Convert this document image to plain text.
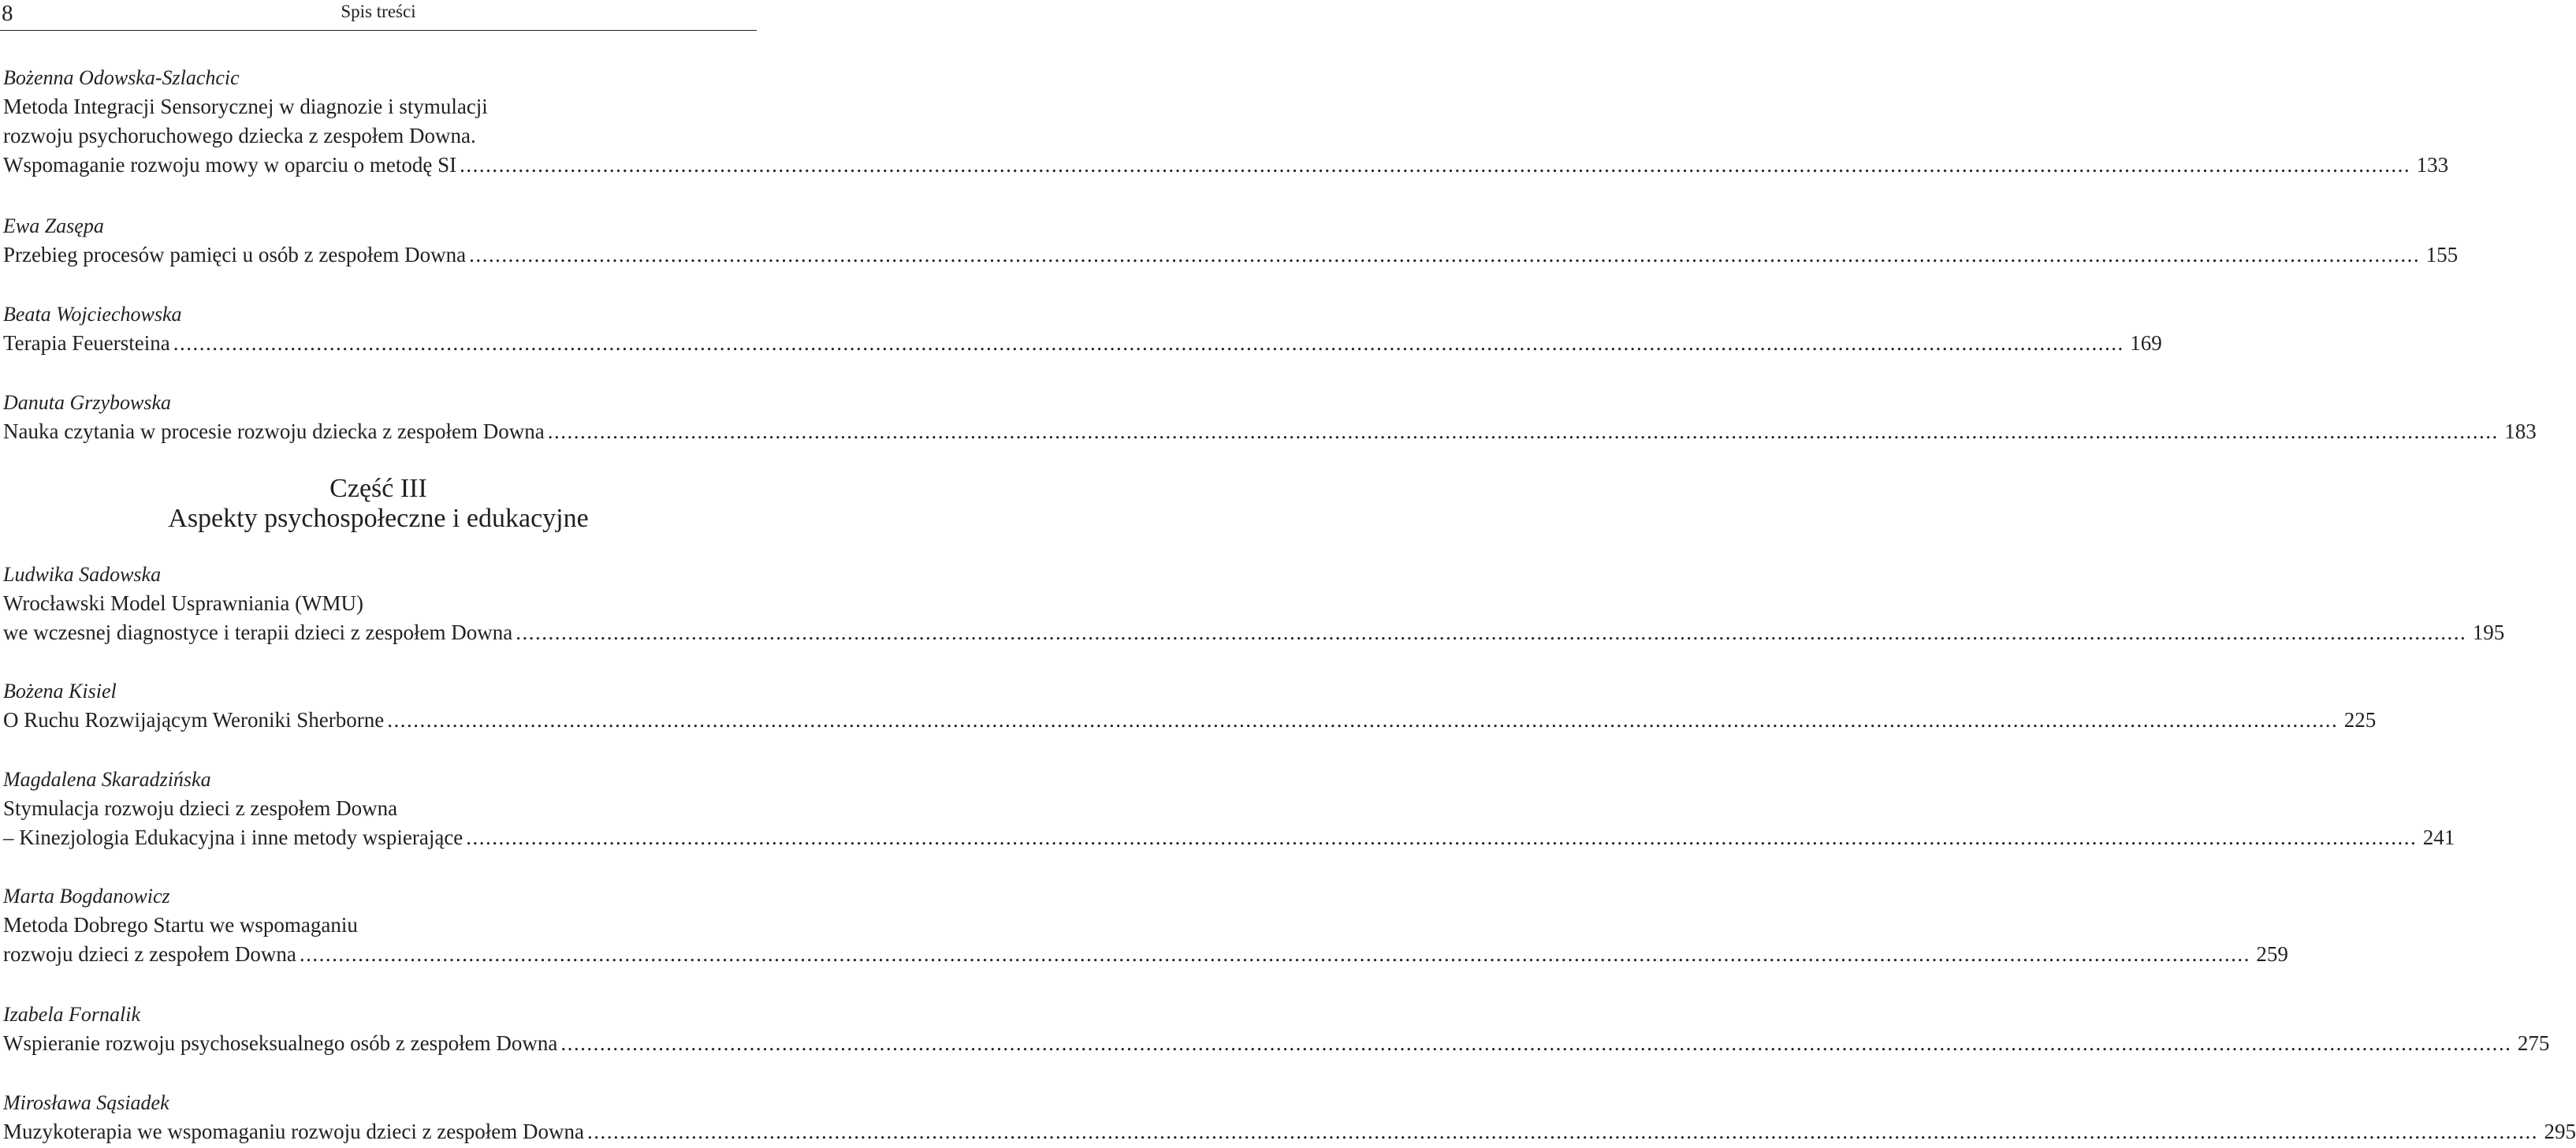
8	Spis treści
Bożenna Odowska-Szlachcic
Metoda Integracji Sensorycznej w diagnozie i stymulacji
rozwoju psychoruchowego dziecka z zespołem Downa.
Wspomaganie rozwoju mowy w oparciu o metodę SI ............................................................................................................................................................................................................................................................................................................ 133
Ewa Zasępa
Przebieg procesów pamięci u osób z zespołem Downa ............................................................................................................................................................................................................................................................................................................ 155
Beata Wojciechowska
Terapia Feuersteina ............................................................................................................................................................................................................................................................................................................ 169
Danuta Grzybowska
Nauka czytania w procesie rozwoju dziecka z zespołem Downa ............................................................................................................................................................................................................................................................................................................ 183
Ludwika Sadowska
Wrocławski Model Usprawniania (WMU)
we wczesnej diagnostyce i terapii dzieci z zespołem Downa ............................................................................................................................................................................................................................................................................................................ 195
Bożena Kisiel
O Ruchu Rozwijającym Weroniki Sherborne ............................................................................................................................................................................................................................................................................................................ 225
Magdalena Skaradzińska
Stymulacja rozwoju dzieci z zespołem Downa
– Kinezjologia Edukacyjna i inne metody wspierające ............................................................................................................................................................................................................................................................................................................ 241
Marta Bogdanowicz
Metoda Dobrego Startu we wspomaganiu
rozwoju dzieci z zespołem Downa ............................................................................................................................................................................................................................................................................................................ 259
Izabela Fornalik
Wspieranie rozwoju psychoseksualnego osób z zespołem Downa ............................................................................................................................................................................................................................................................................................................ 275
Mirosława Sąsiadek
Muzykoterapia we wspomaganiu rozwoju dzieci z zespołem Downa ............................................................................................................................................................................................................................................................................................................ 295
Część III
Aspekty psychospołeczne i edukacyjne
